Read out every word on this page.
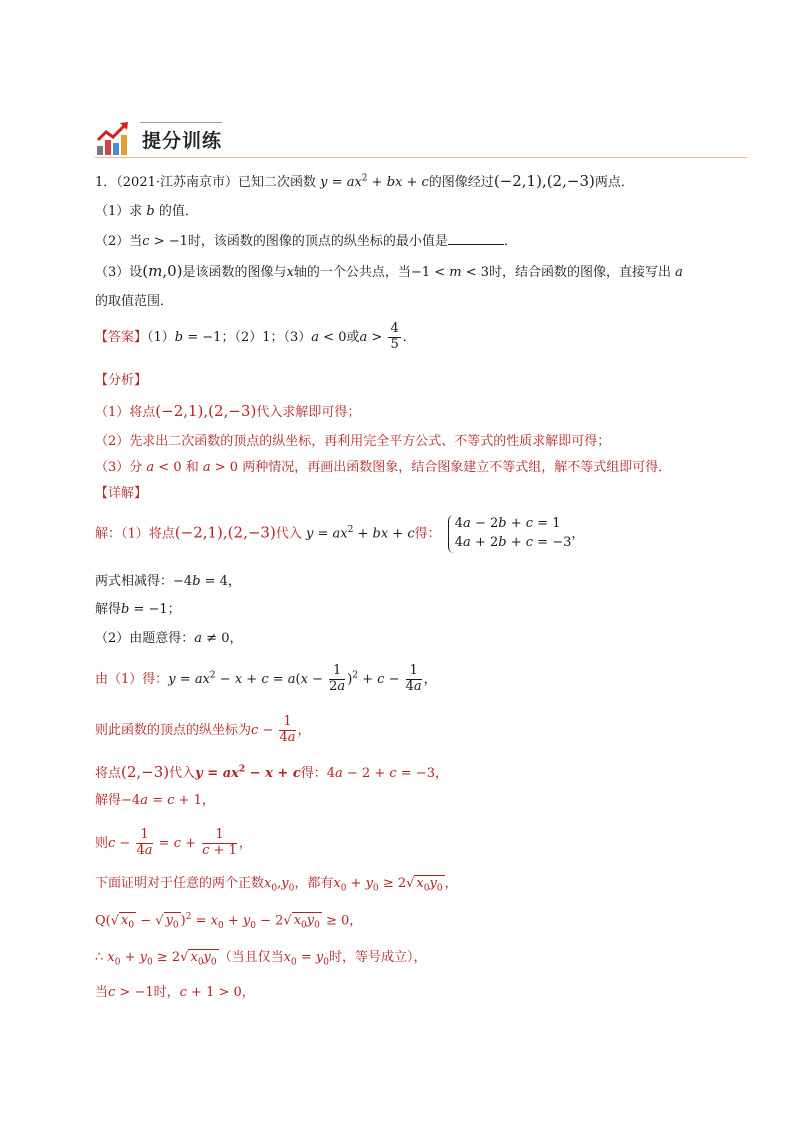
提分训练
1．（2021·江苏南京市）已知二次函数 $y = ax^2$ + bx + c的图像经过(−2,1),(2,−3)两点．
（1）求 b 的值．
（2）当c > −1时，该函数的图像的顶点的纵坐标的最小值是	．
（3）设(m,0)是该函数的图像与x轴的一个公共点，当−1 < m < 3时，结合函数的图像，直接写出 a
的取值范围．
【答案】（1）b = −1；（2）1；（3）a < 0或$a > \frac{4}{5}$ ．
【分析】
（1）将点(−2,1),(2,−3)代入求解即可得；
（2）先求出二次函数的顶点的纵坐标，再利用完全平方公式、不等式的性质求解即可得；
（3）分 a < 0 和 a > 0 两种情况，再画出函数图象，结合图象建立不等式组，解不等式组即可得．
【详解】
解：（1）将点(−2,1),(2,−3)代入 $y = ax^2$ + bx + c得：
4a − 2b + c = 1
4a + 2b + c = −3
，
两式相减得：−4b = 4，
解得b = −1；
（2）由题意得：a ≠ 0，
由（1）得：$y = ax^2 - x + c = a(x - \frac{1}{2a} )^2 + c - \frac{1}{4a}$ ，
则此函数的顶点的纵坐标为$c - \frac{1}{4a}$ ，
将点(2,−3)代入$y = ax^2 - x + c$得：4a − 2 + c = −3，
解得−4a = c + 1，
则$c - \frac{1}{4a} = c + \frac{1}{c + 1}$ ，
下面证明对于任意的两个正数$x_0,y_0$，都有$x_0 + y_0 \ge 2√$ $x_0y_0$ ，
Q(√ $x_0$ − √ $y_0$ )$^2 = x_0 + y_0 - 2√$ $x_0y_0 \ge 0$，
∴ $x_0 + y_0 \ge 2√$ $x_0y_0$ （当且仅当$x_0 = y_0$时，等号成立），
当c > −1时，c + 1 > 0，
